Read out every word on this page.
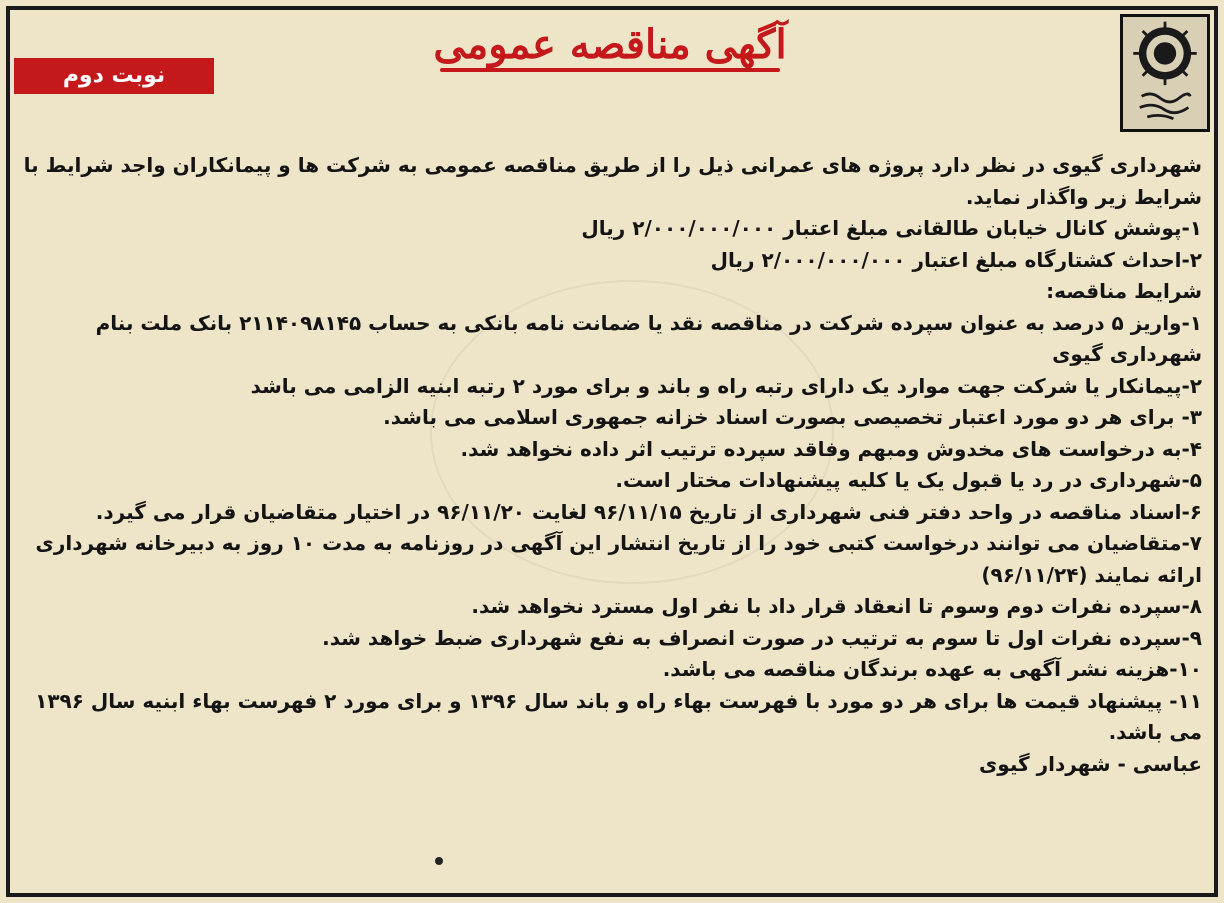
آگهی مناقصه عمومی
نوبت دوم

شهرداری گیوی در نظر دارد پروژه های عمرانی ذیل را از طریق مناقصه عمومی به شرکت ها و پیمانکاران واجد شرایط با شرایط زیر واگذار نماید.

۱-پوشش کانال خیابان طالقانی مبلغ اعتبار ۲/۰۰۰/۰۰۰/۰۰۰ ریال

۲-احداث کشتارگاه مبلغ اعتبار ۲/۰۰۰/۰۰۰/۰۰۰ ریال

شرایط مناقصه:

۱-واریز ۵ درصد به عنوان سپرده شرکت در مناقصه نقد یا ضمانت نامه بانکی به حساب ۲۱۱۴۰۹۸۱۴۵ بانک ملت بنام شهرداری گیوی

۲-پیمانکار یا شرکت جهت موارد یک دارای رتبه راه و باند و برای مورد ۲ رتبه ابنیه الزامی می باشد

۳- برای هر دو مورد اعتبار تخصیصی بصورت اسناد خزانه جمهوری اسلامی می باشد.

۴-به درخواست های مخدوش ومبهم وفاقد سپرده ترتیب اثر داده نخواهد شد.

۵-شهرداری در رد یا قبول یک یا کلیه پیشنهادات مختار است.

۶-اسناد مناقصه در واحد دفتر فنی شهرداری از تاریخ ۹۶/۱۱/۱۵ لغایت ۹۶/۱۱/۲۰ در اختیار متقاضیان قرار می گیرد.

۷-متقاضیان می توانند درخواست کتبی خود را از تاریخ انتشار این آگهی در روزنامه به مدت ۱۰ روز به دبیرخانه شهرداری ارائه نمایند (۹۶/۱۱/۲۴)

۸-سپرده نفرات دوم وسوم تا انعقاد قرار داد با نفر اول مسترد نخواهد شد.

۹-سپرده نفرات اول تا سوم به ترتیب در صورت انصراف به نفع شهرداری ضبط خواهد شد.

۱۰-هزینه نشر آگهی به عهده برندگان مناقصه می باشد.

۱۱- پیشنهاد قیمت ها برای هر دو مورد با فهرست بهاء راه و باند سال ۱۳۹۶ و برای مورد ۲ فهرست بهاء ابنیه سال ۱۳۹۶ می باشد.

عباسی - شهردار گیوی
